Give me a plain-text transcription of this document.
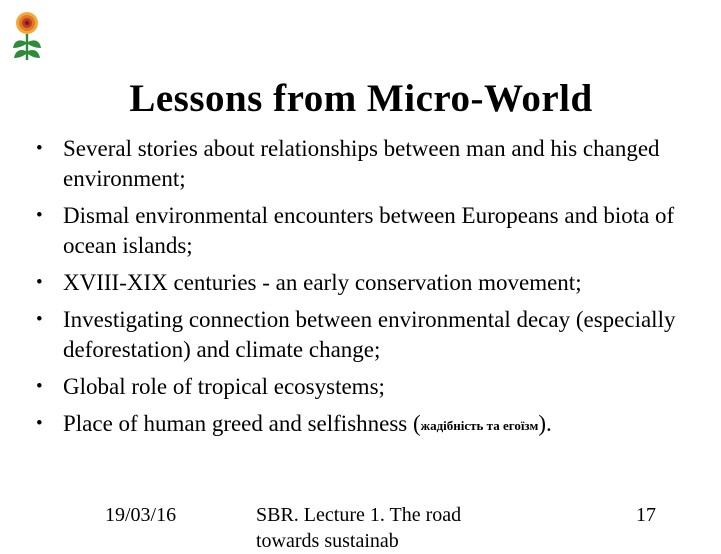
Lessons from Micro-World
• Several stories about relationships between man and his changed environment;
• Dismal environmental encounters between Europeans and biota of ocean islands;
• XVIII-XIX centuries - an early conservation movement;
• Investigating connection between environmental decay (especially deforestation) and climate change;
• Global role of tropical ecosystems;
• Place of human greed and selfishness (жадібність та егоїзм).
19/03/16	SBR. Lecture 1. The road towards sustainab
17
